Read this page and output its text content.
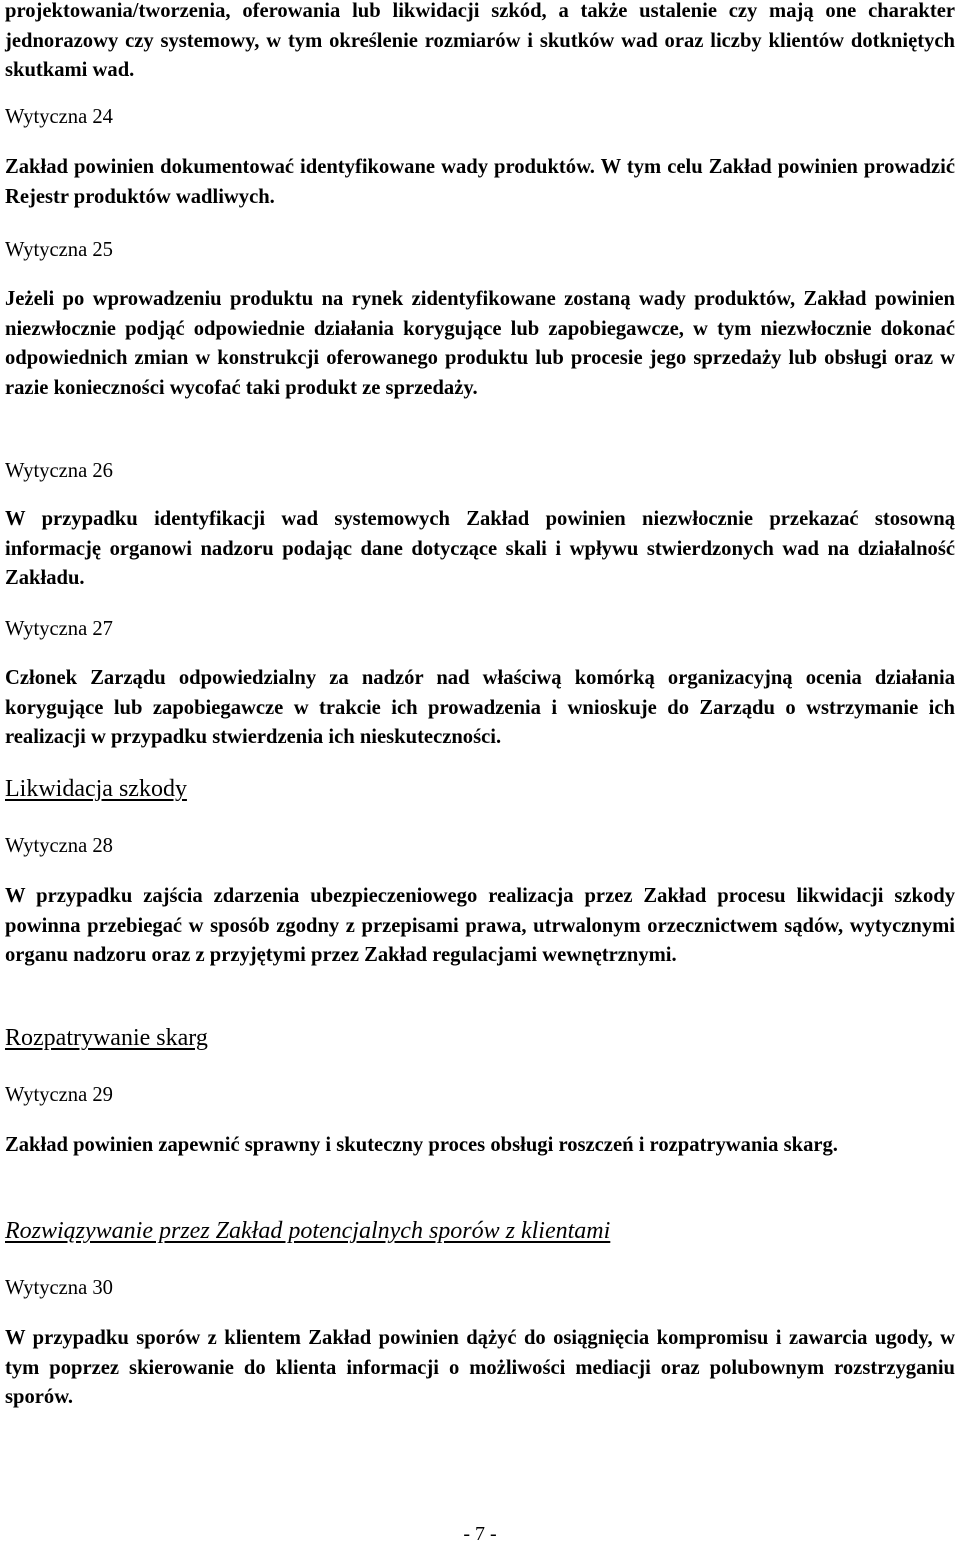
projektowania/tworzenia, oferowania lub likwidacji szkód, a także ustalenie czy mają one charakter jednorazowy czy systemowy, w tym określenie rozmiarów i skutków wad oraz liczby klientów dotkniętych skutkami wad.

Wytyczna 24

Zakład powinien dokumentować identyfikowane wady produktów. W tym celu Zakład powinien prowadzić Rejestr produktów wadliwych.

Wytyczna 25

Jeżeli po wprowadzeniu produktu na rynek zidentyfikowane zostaną wady produktów, Zakład powinien niezwłocznie podjąć odpowiednie działania korygujące lub zapobiegawcze, w tym niezwłocznie dokonać odpowiednich zmian w konstrukcji oferowanego produktu lub procesie jego sprzedaży lub obsługi oraz w razie konieczności wycofać taki produkt ze sprzedaży.

Wytyczna 26

W przypadku identyfikacji wad systemowych Zakład powinien niezwłocznie przekazać stosowną informację organowi nadzoru podając dane dotyczące skali i wpływu stwierdzonych wad na działalność Zakładu.

Wytyczna 27

Członek Zarządu odpowiedzialny za nadzór nad właściwą komórką organizacyjną ocenia działania korygujące lub zapobiegawcze w trakcie ich prowadzenia i wnioskuje do Zarządu o wstrzymanie ich realizacji w przypadku stwierdzenia ich nieskuteczności.

Likwidacja szkody

Wytyczna 28

W przypadku zajścia zdarzenia ubezpieczeniowego realizacja przez Zakład procesu likwidacji szkody powinna przebiegać w sposób zgodny z przepisami prawa, utrwalonym orzecznictwem sądów, wytycznymi organu nadzoru oraz z przyjętymi przez Zakład regulacjami wewnętrznymi.

Rozpatrywanie skarg

Wytyczna 29

Zakład powinien zapewnić sprawny i skuteczny proces obsługi roszczeń i rozpatrywania skarg.

Rozwiązywanie przez Zakład potencjalnych sporów z klientami

Wytyczna 30

W przypadku sporów z klientem Zakład powinien dążyć do osiągnięcia kompromisu i zawarcia ugody, w tym poprzez skierowanie do klienta informacji o możliwości mediacji oraz polubownym rozstrzyganiu sporów.

- 7 -
